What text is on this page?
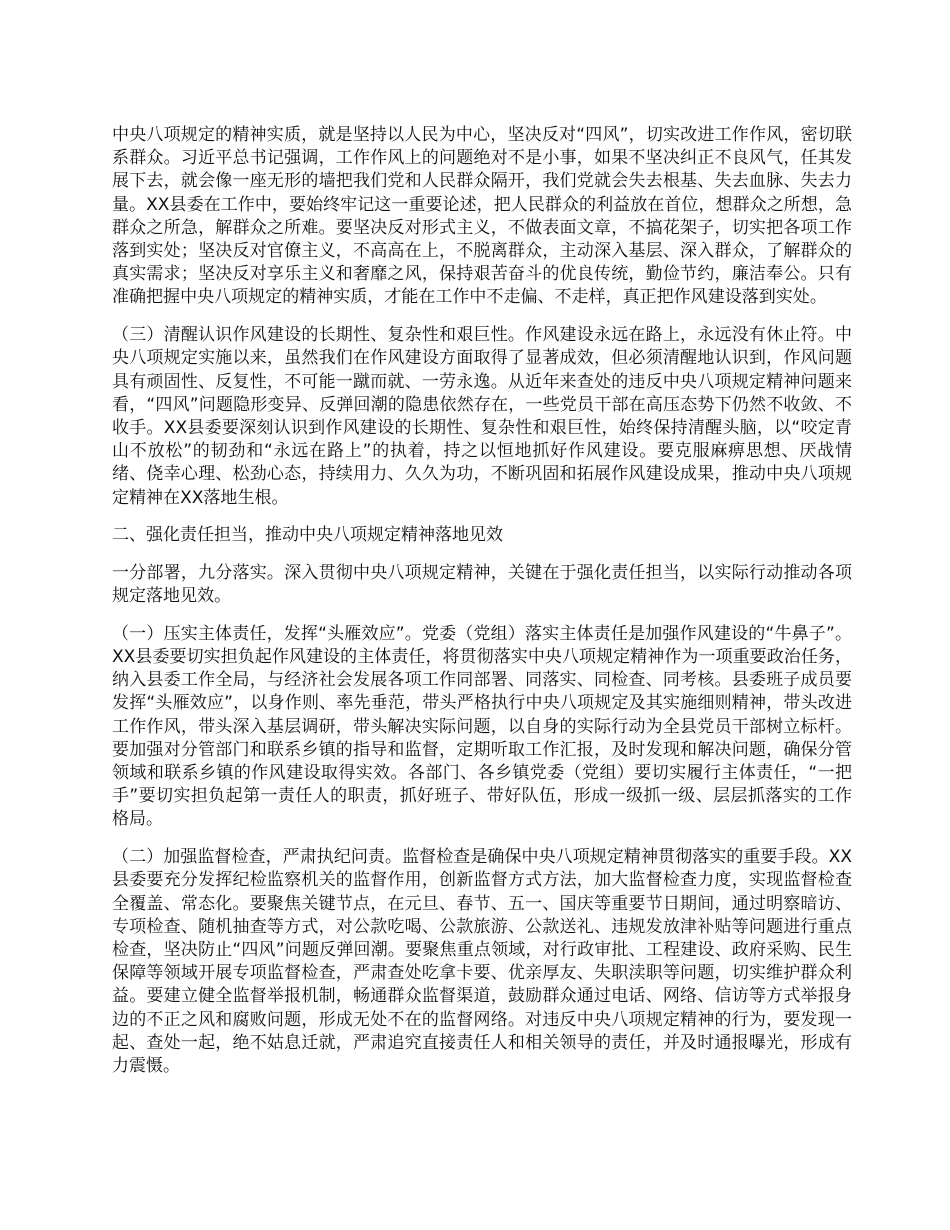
中央八项规定的精神实质，就是坚持以人民为中心，坚决反对“四风”，切实改进工作作风，密切联系群众。习近平总书记强调，工作作风上的问题绝对不是小事，如果不坚决纠正不良风气，任其发展下去，就会像一座无形的墙把我们党和人民群众隔开，我们党就会失去根基、失去血脉、失去力量。XX县委在工作中，要始终牢记这一重要论述，把人民群众的利益放在首位，想群众之所想，急群众之所急，解群众之所难。要坚决反对形式主义，不做表面文章，不搞花架子，切实把各项工作落到实处；坚决反对官僚主义，不高高在上，不脱离群众，主动深入基层、深入群众，了解群众的真实需求；坚决反对享乐主义和奢靡之风，保持艰苦奋斗的优良传统，勤俭节约，廉洁奉公。只有准确把握中央八项规定的精神实质，才能在工作中不走偏、不走样，真正把作风建设落到实处。

（三）清醒认识作风建设的长期性、复杂性和艰巨性。作风建设永远在路上，永远没有休止符。中央八项规定实施以来，虽然我们在作风建设方面取得了显著成效，但必须清醒地认识到，作风问题具有顽固性、反复性，不可能一蹴而就、一劳永逸。从近年来查处的违反中央八项规定精神问题来看，“四风”问题隐形变异、反弹回潮的隐患依然存在，一些党员干部在高压态势下仍然不收敛、不收手。XX县委要深刻认识到作风建设的长期性、复杂性和艰巨性，始终保持清醒头脑，以“咬定青山不放松”的韧劲和“永远在路上”的执着，持之以恒地抓好作风建设。要克服麻痹思想、厌战情绪、侥幸心理、松劲心态，持续用力、久久为功，不断巩固和拓展作风建设成果，推动中央八项规定精神在XX落地生根。

二、强化责任担当，推动中央八项规定精神落地见效

一分部署，九分落实。深入贯彻中央八项规定精神，关键在于强化责任担当，以实际行动推动各项规定落地见效。

（一）压实主体责任，发挥“头雁效应”。党委（党组）落实主体责任是加强作风建设的“牛鼻子”。XX县委要切实担负起作风建设的主体责任，将贯彻落实中央八项规定精神作为一项重要政治任务，纳入县委工作全局，与经济社会发展各项工作同部署、同落实、同检查、同考核。县委班子成员要发挥“头雁效应”，以身作则、率先垂范，带头严格执行中央八项规定及其实施细则精神，带头改进工作作风，带头深入基层调研，带头解决实际问题，以自身的实际行动为全县党员干部树立标杆。要加强对分管部门和联系乡镇的指导和监督，定期听取工作汇报，及时发现和解决问题，确保分管领域和联系乡镇的作风建设取得实效。各部门、各乡镇党委（党组）要切实履行主体责任，“一把手”要切实担负起第一责任人的职责，抓好班子、带好队伍，形成一级抓一级、层层抓落实的工作格局。

（二）加强监督检查，严肃执纪问责。监督检查是确保中央八项规定精神贯彻落实的重要手段。XX县委要充分发挥纪检监察机关的监督作用，创新监督方式方法，加大监督检查力度，实现监督检查全覆盖、常态化。要聚焦关键节点，在元旦、春节、五一、国庆等重要节日期间，通过明察暗访、专项检查、随机抽查等方式，对公款吃喝、公款旅游、公款送礼、违规发放津补贴等问题进行重点检查，坚决防止“四风”问题反弹回潮。要聚焦重点领域，对行政审批、工程建设、政府采购、民生保障等领域开展专项监督检查，严肃查处吃拿卡要、优亲厚友、失职渎职等问题，切实维护群众利益。要建立健全监督举报机制，畅通群众监督渠道，鼓励群众通过电话、网络、信访等方式举报身边的不正之风和腐败问题，形成无处不在的监督网络。对违反中央八项规定精神的行为，要发现一起、查处一起，绝不姑息迁就，严肃追究直接责任人和相关领导的责任，并及时通报曝光，形成有力震慑。
